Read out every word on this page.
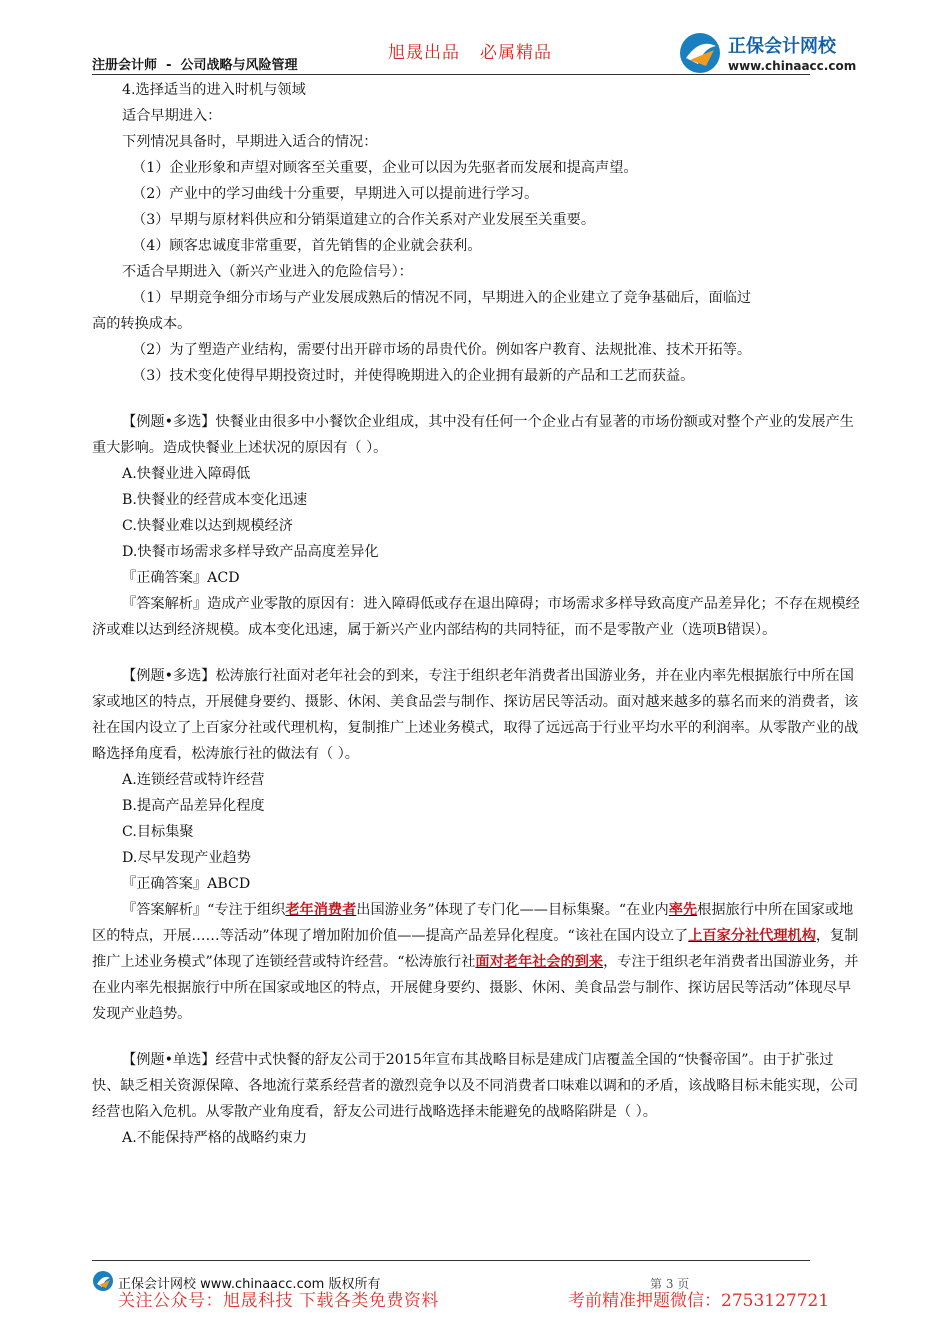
注册会计师 - 公司战略与风险管理
旭晟出品 必属精品	正保会计网校
www.chinaacc.com

4.选择适当的进入时机与领域

适合早期进入：

下列情况具备时，早期进入适合的情况：

（1）企业形象和声望对顾客至关重要，企业可以因为先驱者而发展和提高声望。

（2）产业中的学习曲线十分重要，早期进入可以提前进行学习。

（3）早期与原材料供应和分销渠道建立的合作关系对产业发展至关重要。

（4）顾客忠诚度非常重要，首先销售的企业就会获利。

不适合早期进入（新兴产业进入的危险信号）：

（1）早期竞争细分市场与产业发展成熟后的情况不同，早期进入的企业建立了竞争基础后，面临过

高的转换成本。

（2）为了塑造产业结构，需要付出开辟市场的昂贵代价。例如客户教育、法规批准、技术开拓等。

（3）技术变化使得早期投资过时，并使得晚期进入的企业拥有最新的产品和工艺而获益。

【例题•多选】快餐业由很多中小餐饮企业组成，其中没有任何一个企业占有显著的市场份额或对整个产业的发展产生重大影响。造成快餐业上述状况的原因有（ ）。

A.快餐业进入障碍低

B.快餐业的经营成本变化迅速

C.快餐业难以达到规模经济

D.快餐市场需求多样导致产品高度差异化

『正确答案』ACD

『答案解析』造成产业零散的原因有：进入障碍低或存在退出障碍；市场需求多样导致高度产品差异化；不存在规模经济或难以达到经济规模。成本变化迅速，属于新兴产业内部结构的共同特征，而不是零散产业（选项B错误）。

【例题•多选】松涛旅行社面对老年社会的到来，专注于组织老年消费者出国游业务，并在业内率先根据旅行中所在国家或地区的特点，开展健身要约、摄影、休闲、美食品尝与制作、探访居民等活动。面对越来越多的慕名而来的消费者，该社在国内设立了上百家分社或代理机构，复制推广上述业务模式，取得了远远高于行业平均水平的利润率。从零散产业的战略选择角度看，松涛旅行社的做法有（ ）。

A.连锁经营或特许经营

B.提高产品差异化程度

C.目标集聚

D.尽早发现产业趋势

『正确答案』ABCD

『答案解析』“专注于组织老年消费者出国游业务”体现了专门化——目标集聚。“在业内率先根据旅行中所在国家或地区的特点，开展……等活动”体现了增加附加价值——提高产品差异化程度。“该社在国内设立了上百家分社代理机构，复制推广上述业务模式”体现了连锁经营或特许经营。“松涛旅行社面对老年社会的到来，专注于组织老年消费者出国游业务，并在业内率先根据旅行中所在国家或地区的特点，开展健身要约、摄影、休闲、美食品尝与制作、探访居民等活动”体现尽早发现产业趋势。

【例题•单选】经营中式快餐的舒友公司于2015年宣布其战略目标是建成门店覆盖全国的“快餐帝国”。由于扩张过快、缺乏相关资源保障、各地流行菜系经营者的激烈竞争以及不同消费者口味难以调和的矛盾，该战略目标未能实现，公司经营也陷入危机。从零散产业角度看，舒友公司进行战略选择未能避免的战略陷阱是（ ）。

A.不能保持严格的战略约束力

正保会计网校 www.chinaacc.com 版权所有	第 3 页
关注公众号：旭晟科技 下载各类免费资料	考前精准押题微信：2753127721
